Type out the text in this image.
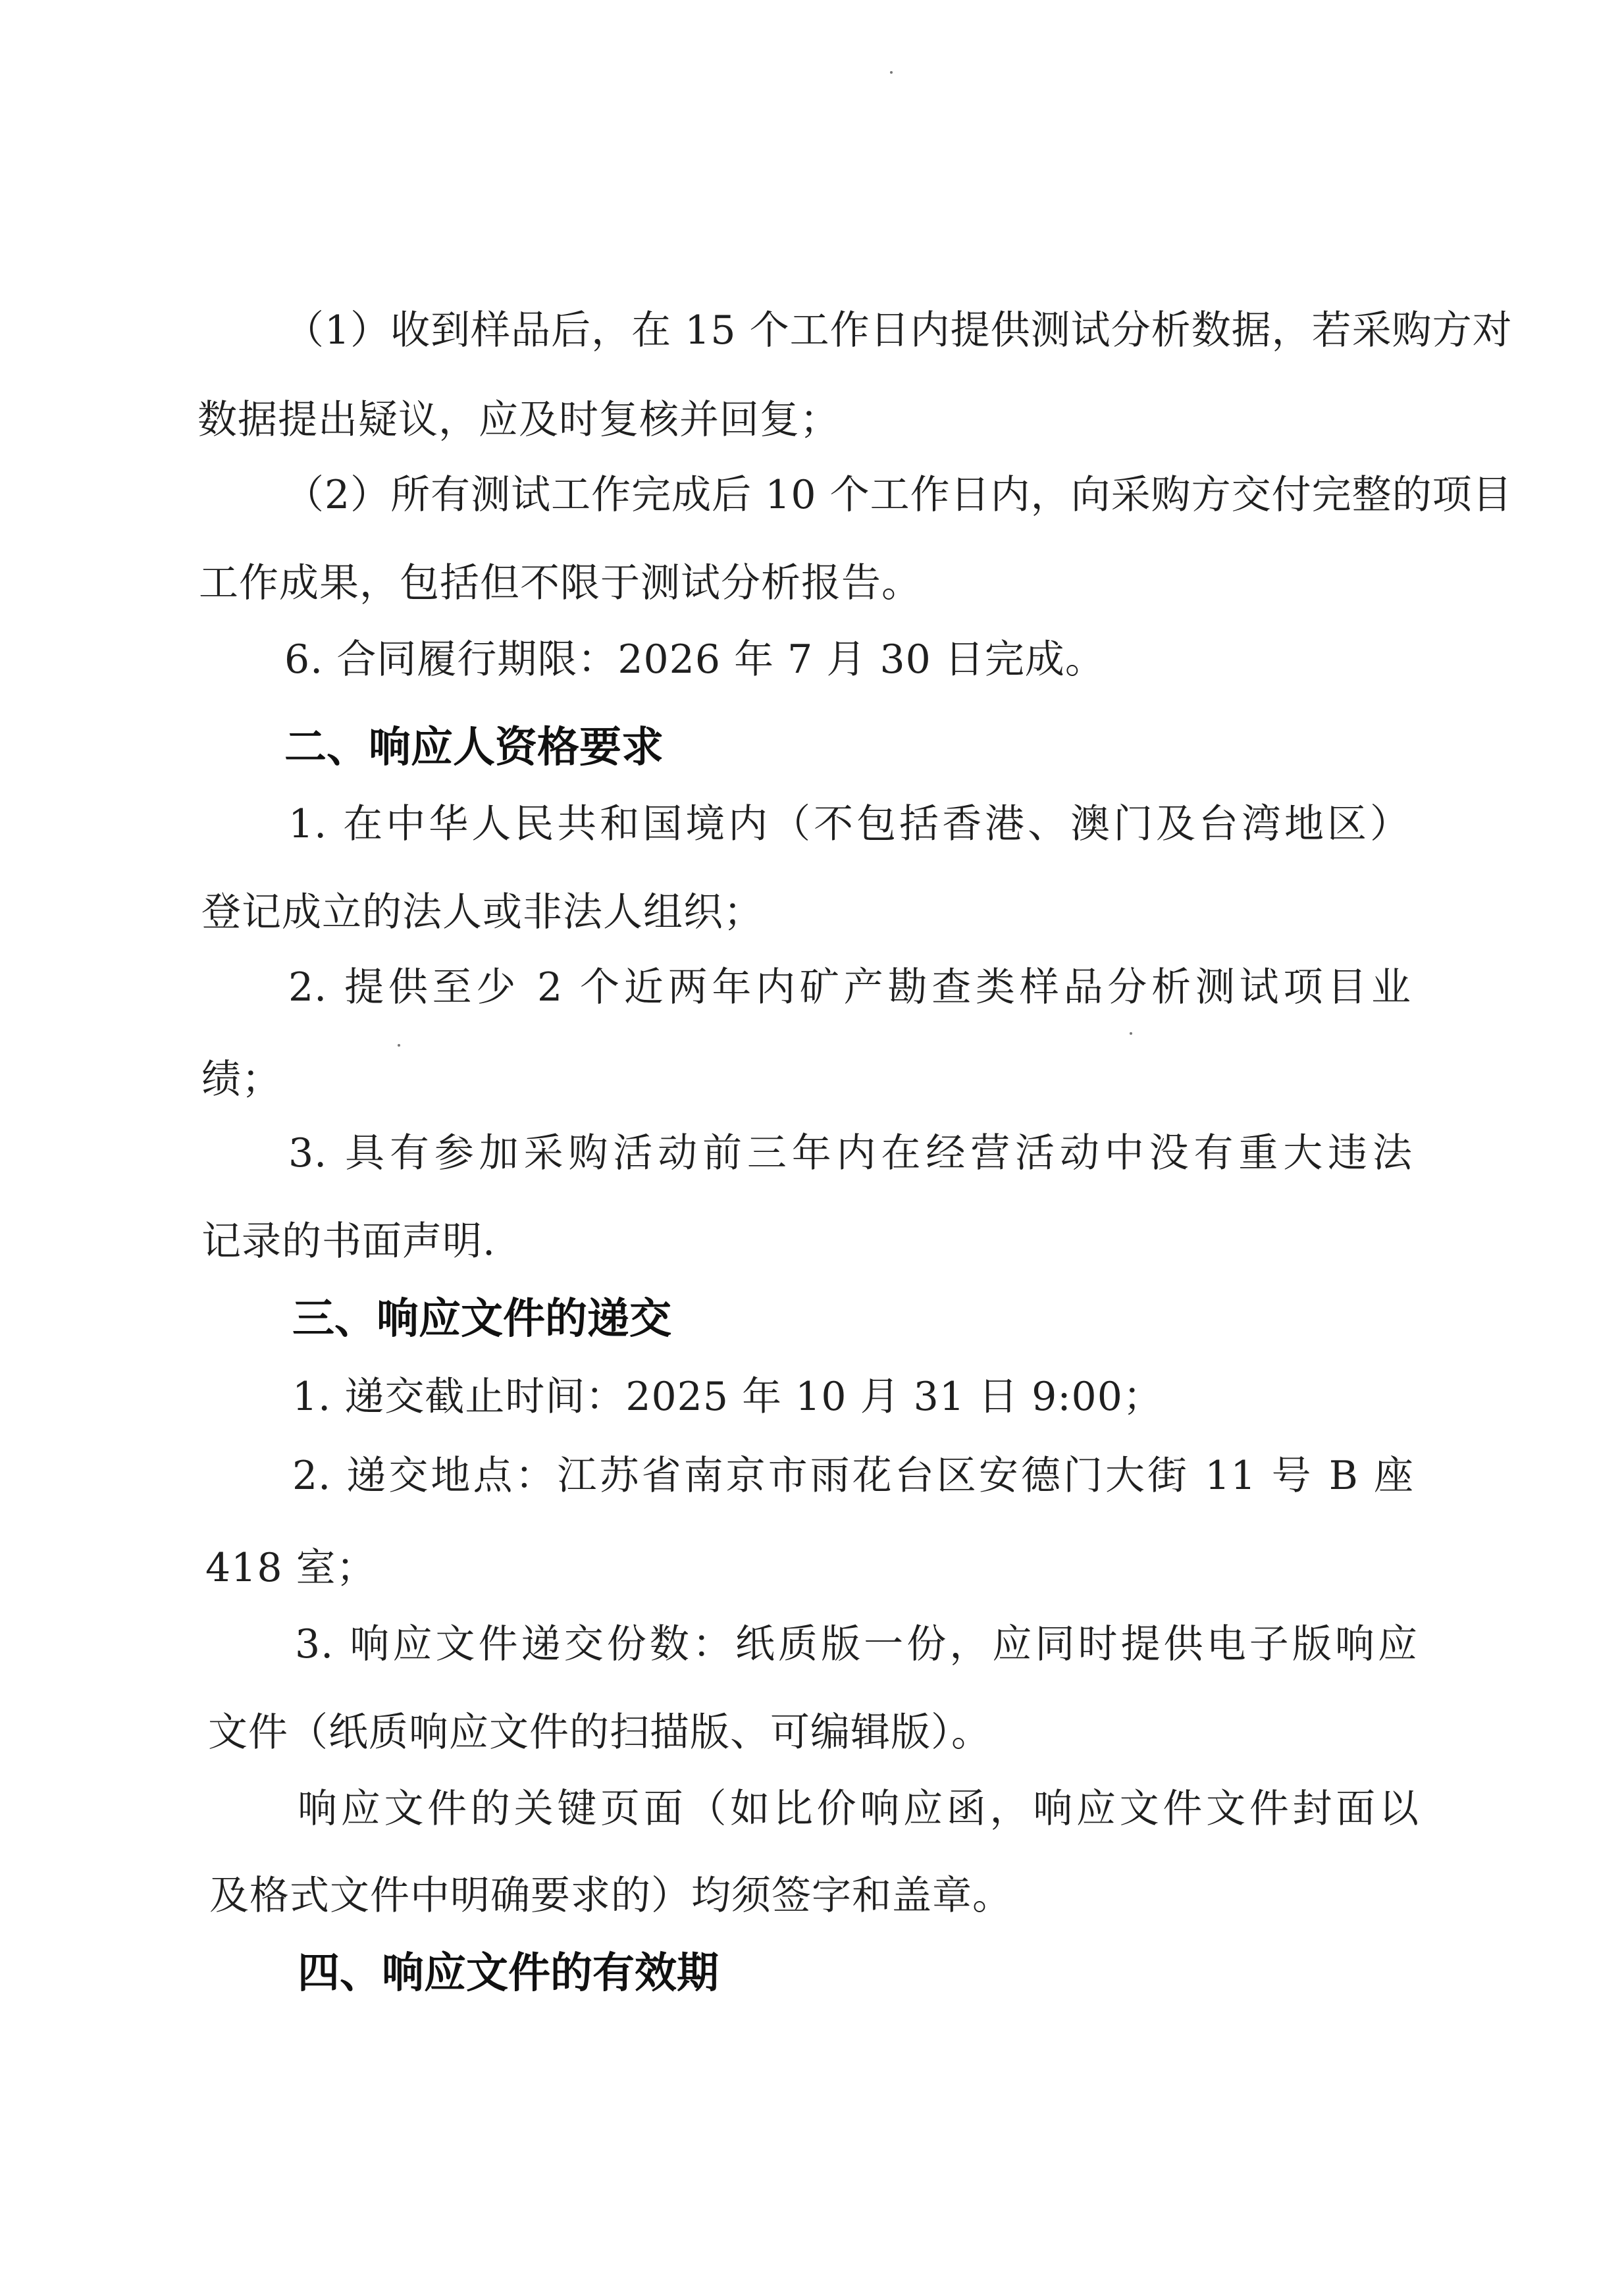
（1）收到样品后，在 15 个工作日内提供测试分析数据，若采购方对
数据提出疑议，应及时复核并回复；
（2）所有测试工作完成后 10 个工作日内，向采购方交付完整的项目
工作成果，包括但不限于测试分析报告。
6. 合同履行期限：2026 年 7 月 30 日完成。
二、响应人资格要求
1. 在中华人民共和国境内（不包括香港、澳门及台湾地区）
登记成立的法人或非法人组织；
2. 提供至少 2 个近两年内矿产勘查类样品分析测试项目业
绩；
3. 具有参加采购活动前三年内在经营活动中没有重大违法
记录的书面声明.
三、响应文件的递交
1. 递交截止时间：2025 年 10 月 31 日 9:00；
2. 递交地点：江苏省南京市雨花台区安德门大街 11 号 B 座
418 室；
3. 响应文件递交份数：纸质版一份，应同时提供电子版响应
文件（纸质响应文件的扫描版、可编辑版）。
响应文件的关键页面（如比价响应函，响应文件文件封面以
及格式文件中明确要求的）均须签字和盖章。
四、响应文件的有效期
